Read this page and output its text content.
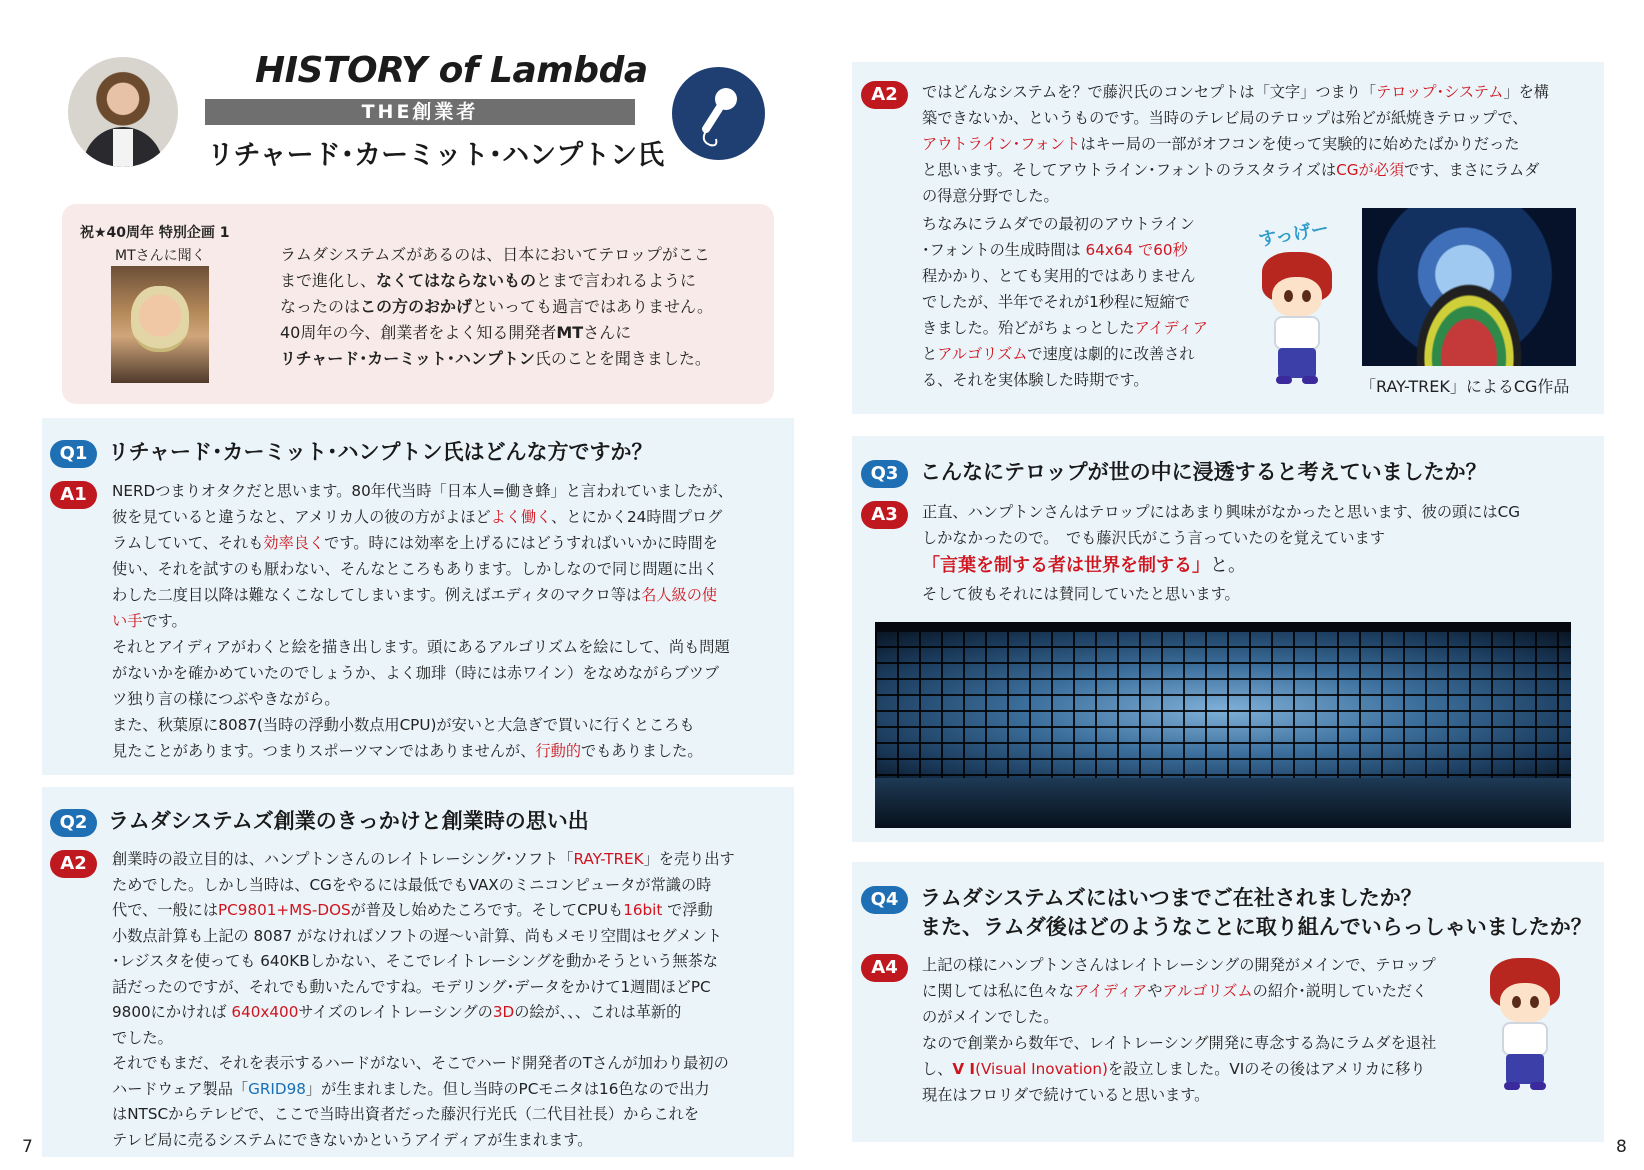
HISTORY of Lambda
THE創業者
リチャード･カーミット･ハンプトン氏
祝★40周年 特別企画 1
MTさんに聞く	ラムダシステムズがあるのは、日本においてテロップがここ
まで進化し、なくてはならないものとまで言われるように
なったのはこの方のおかげといっても過言ではありません。
40周年の今、創業者をよく知る開発者MTさんに
リチャード･カーミット･ハンプトン氏のことを聞きました。
Q1 リチャード･カーミット･ハンプトン氏はどんな方ですか？
A1	NERDつまりオタクだと思います。80年代当時「日本人=働き蜂」と言われていましたが、
彼を見ていると違うなと、アメリカ人の彼の方がよほどよく働く、とにかく24時間プログ
ラムしていて、それも効率良くです。時には効率を上げるにはどうすればいいかに時間を
使い、それを試すのも厭わない、そんなところもあります。しかしなので同じ問題に出く
わした二度目以降は難なくこなしてしまいます。例えばエディタのマクロ等は名人級の使
い手です。
それとアイディアがわくと絵を描き出します。頭にあるアルゴリズムを絵にして、尚も問題
がないかを確かめていたのでしょうか、よく珈琲（時には赤ワイン）をなめながらブツブ
ツ独り言の様につぶやきながら。
また、秋葉原に8087(当時の浮動小数点用CPU)が安いと大急ぎで買いに行くところも
見たことがあります。つまりスポーツマンではありませんが、行動的でもありました。
Q2 ラムダシステムズ創業のきっかけと創業時の思い出
A2	創業時の設立目的は、ハンプトンさんのレイトレーシング･ソフト「RAY-TREK」を売り出す
ためでした。しかし当時は、CGをやるには最低でもVAXのミニコンピュータが常識の時
代で、一般にはPC9801+MS-DOSが普及し始めたころです。そしてCPUも16bit で浮動
小数点計算も上記の 8087 がなければソフトの遅～い計算、尚もメモリ空間はセグメント
･レジスタを使っても 640KBしかない、そこでレイトレーシングを動かそうという無茶な
話だったのですが、それでも動いたんですね。モデリング･データをかけて1週間ほどPC
9800にかければ 640x400サイズのレイトレーシングの3Dの絵が、、、これは革新的
でした。
それでもまだ、それを表示するハードがない、そこでハード開発者のTさんが加わり最初の
ハードウェア製品「GRID98」が生まれました。但し当時のPCモニタは16色なので出力
はNTSCからテレビで、ここで当時出資者だった藤沢行光氏（二代目社長）からこれを
テレビ局に売るシステムにできないかというアイディアが生まれます。
7
A2	ではどんなシステムを？で藤沢氏のコンセプトは「文字」つまり「テロップ･システム」を構
築できないか、というものです。当時のテレビ局のテロップは殆どが紙焼きテロップで、
アウトライン･フォントはキー局の一部がオフコンを使って実験的に始めたばかりだった
と思います。そしてアウトライン･フォントのラスタライズはCGが必須です、まさにラムダ
の得意分野でした。
ちなみにラムダでの最初のアウトライン
･フォントの生成時間は 64x64 で60秒
程かかり、とても実用的ではありません
でしたが、半年でそれが1秒程に短縮で
きました。殆どがちょっとしたアイディア
とアルゴリズムで速度は劇的に改善され
る、それを実体験した時期です。
すっげー
「RAY-TREK」によるCG作品
Q3	こんなにテロップが世の中に浸透すると考えていましたか？
A3	正直、ハンプトンさんはテロップにはあまり興味がなかったと思います、彼の頭にはCG
しかなかったので。　でも藤沢氏がこう言っていたのを覚えています
「言葉を制する者は世界を制する」と。
そして彼もそれには賛同していたと思います。
Q4	ラムダシステムズにはいつまでご在社されましたか？
また、ラムダ後はどのようなことに取り組んでいらっしゃいましたか？
A4	上記の様にハンプトンさんはレイトレーシングの開発がメインで、テロップ
に関しては私に色々なアイディアやアルゴリズムの紹介･説明していただく
のがメインでした。
なので創業から数年で、レイトレーシング開発に専念する為にラムダを退社
し、V I(Visual Inovation)を設立しました。VIのその後はアメリカに移り
現在はフロリダで続けていると思います。
8
